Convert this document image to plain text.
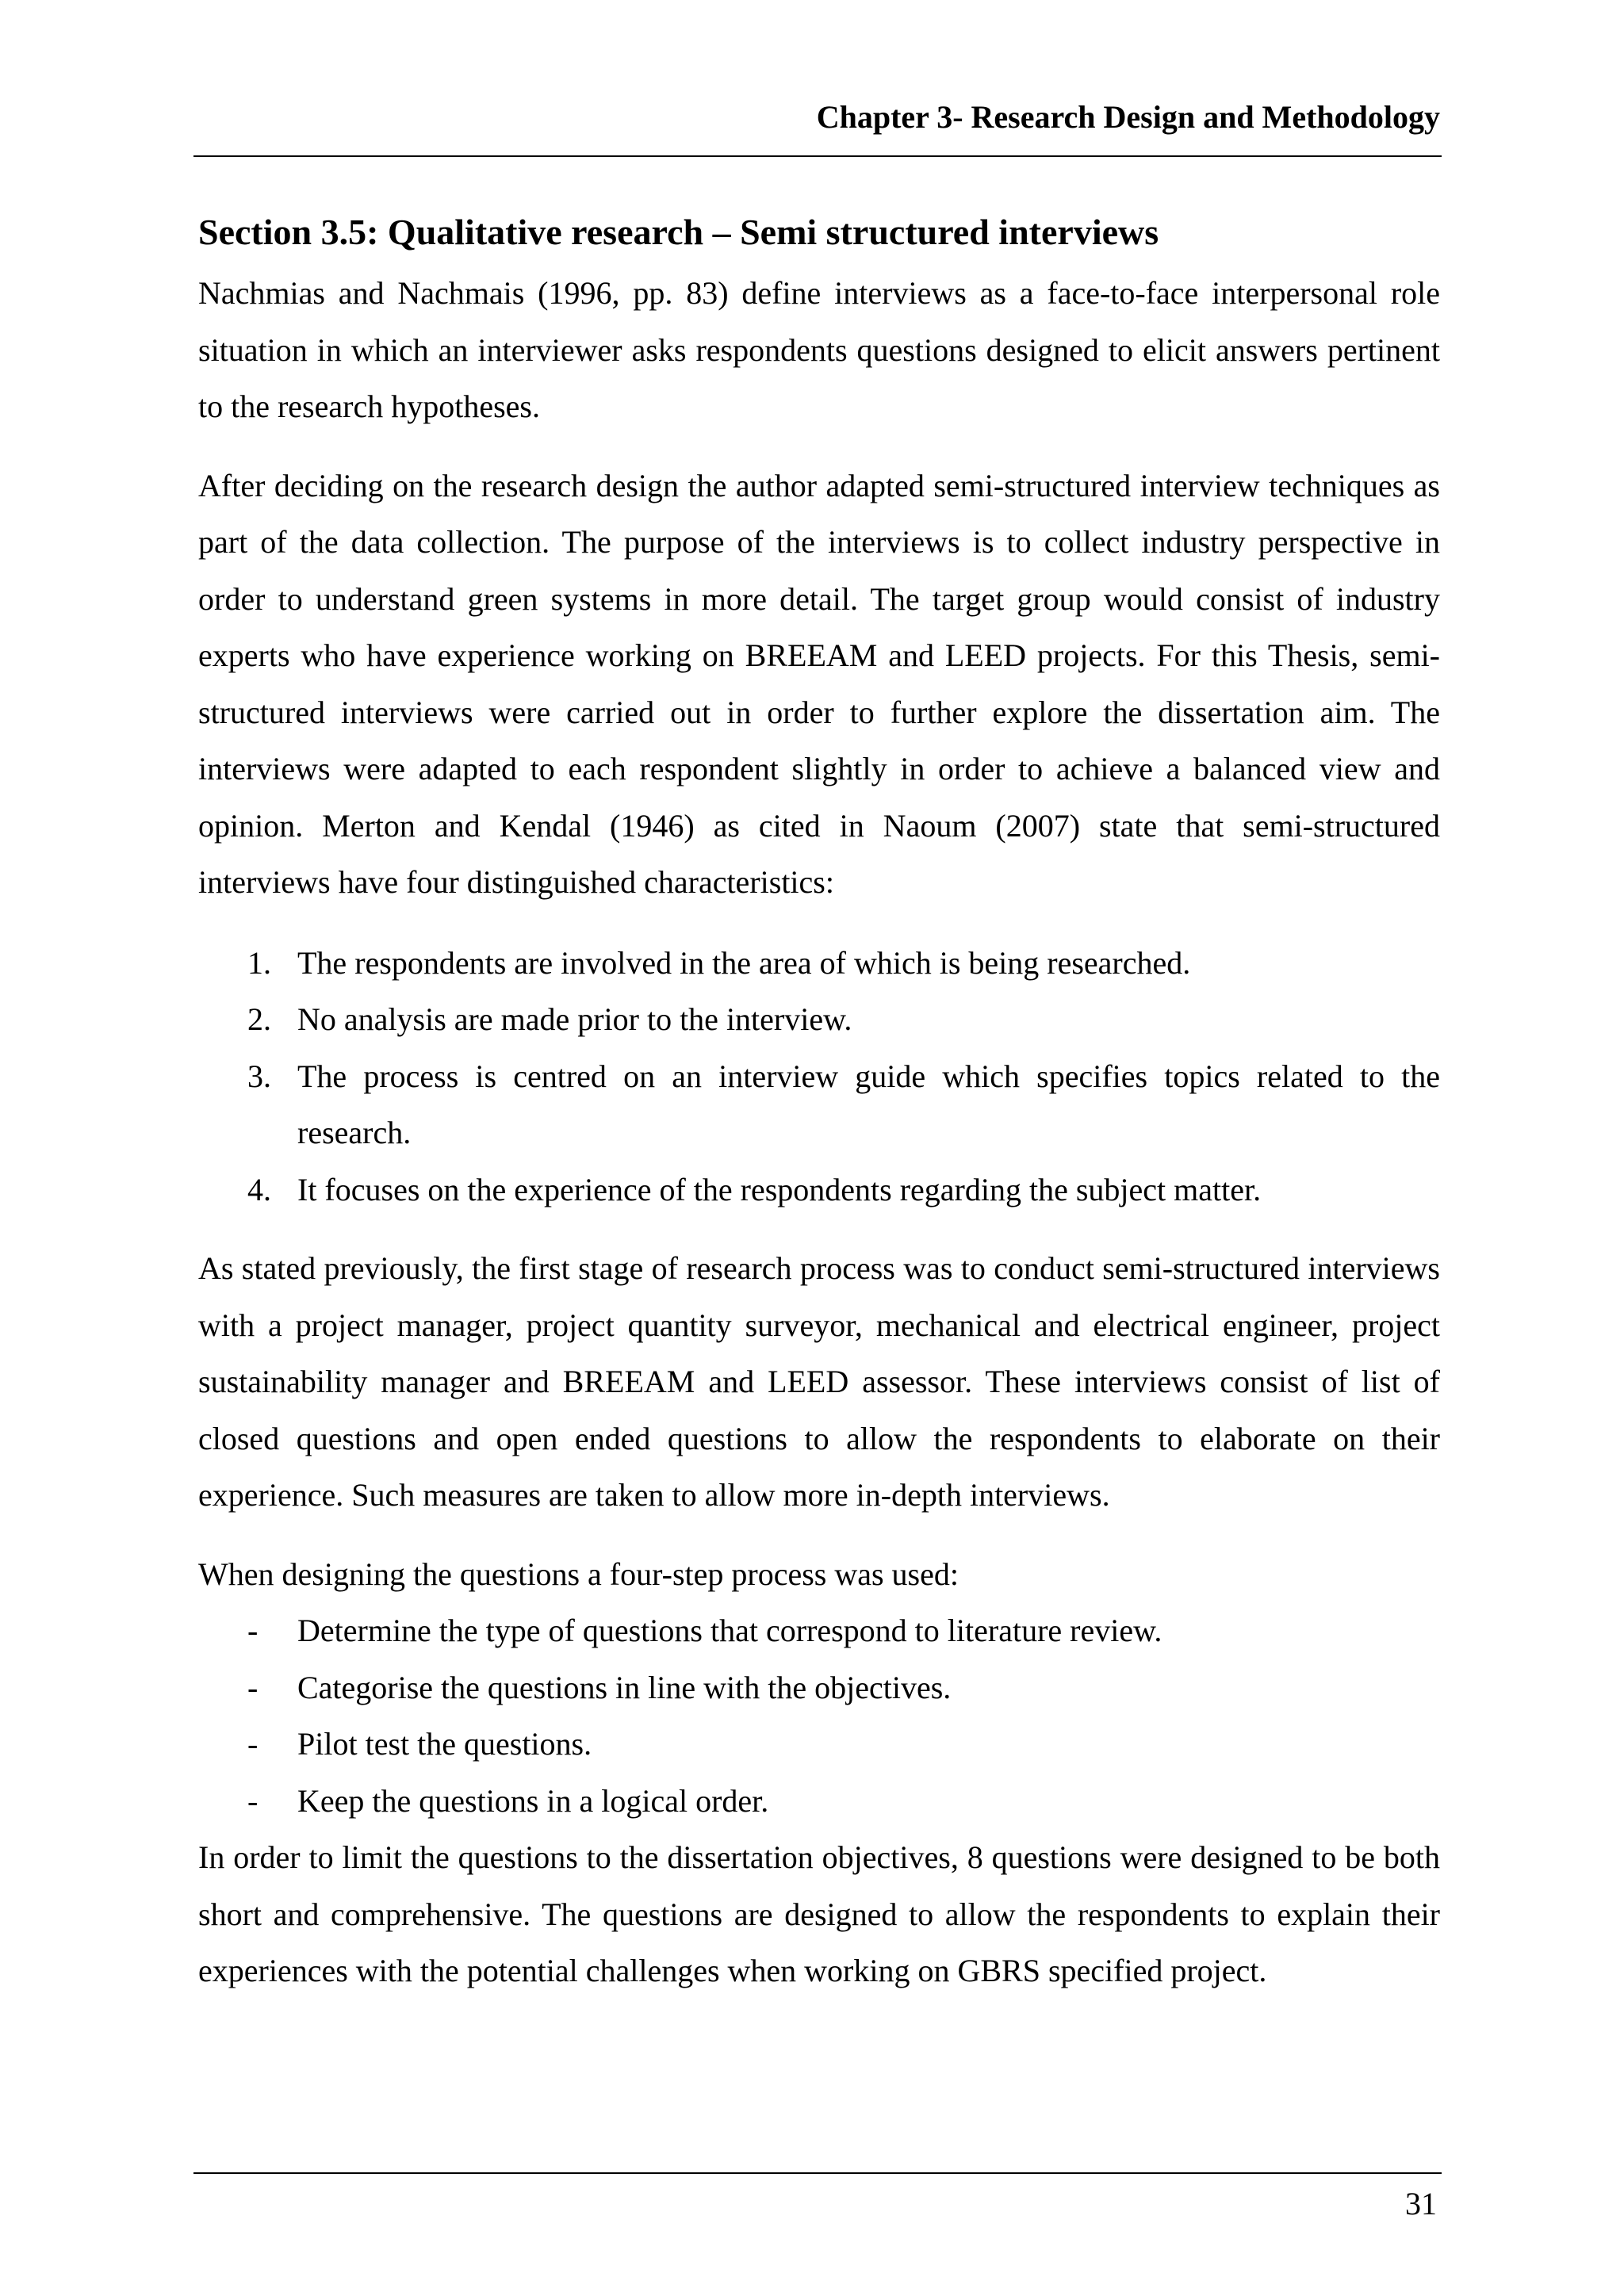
Chapter 3- Research Design and Methodology
Section 3.5: Qualitative research – Semi structured interviews

Nachmias and Nachmais (1996, pp. 83) define interviews as a face-to-face interpersonal role situation in which an interviewer asks respondents questions designed to elicit answers pertinent to the research hypotheses.

After deciding on the research design the author adapted semi-structured interview techniques as part of the data collection. The purpose of the interviews is to collect industry perspective in order to understand green systems in more detail. The target group would consist of industry experts who have experience working on BREEAM and LEED projects. For this Thesis, semi-structured interviews were carried out in order to further explore the dissertation aim. The interviews were adapted to each respondent slightly in order to achieve a balanced view and opinion. Merton and Kendal (1946) as cited in Naoum (2007) state that semi-structured interviews have four distinguished characteristics:

1. The respondents are involved in the area of which is being researched.
2. No analysis are made prior to the interview.
3. The process is centred on an interview guide which specifies topics related to the research.
4. It focuses on the experience of the respondents regarding the subject matter.

As stated previously, the first stage of research process was to conduct semi-structured interviews with a project manager, project quantity surveyor, mechanical and electrical engineer, project sustainability manager and BREEAM and LEED assessor. These interviews consist of list of closed questions and open ended questions to allow the respondents to elaborate on their experience. Such measures are taken to allow more in-depth interviews.

When designing the questions a four-step process was used:

- Determine the type of questions that correspond to literature review.
- Categorise the questions in line with the objectives.
- Pilot test the questions.
- Keep the questions in a logical order.

In order to limit the questions to the dissertation objectives, 8 questions were designed to be both short and comprehensive. The questions are designed to allow the respondents to explain their experiences with the potential challenges when working on GBRS specified project.

31
